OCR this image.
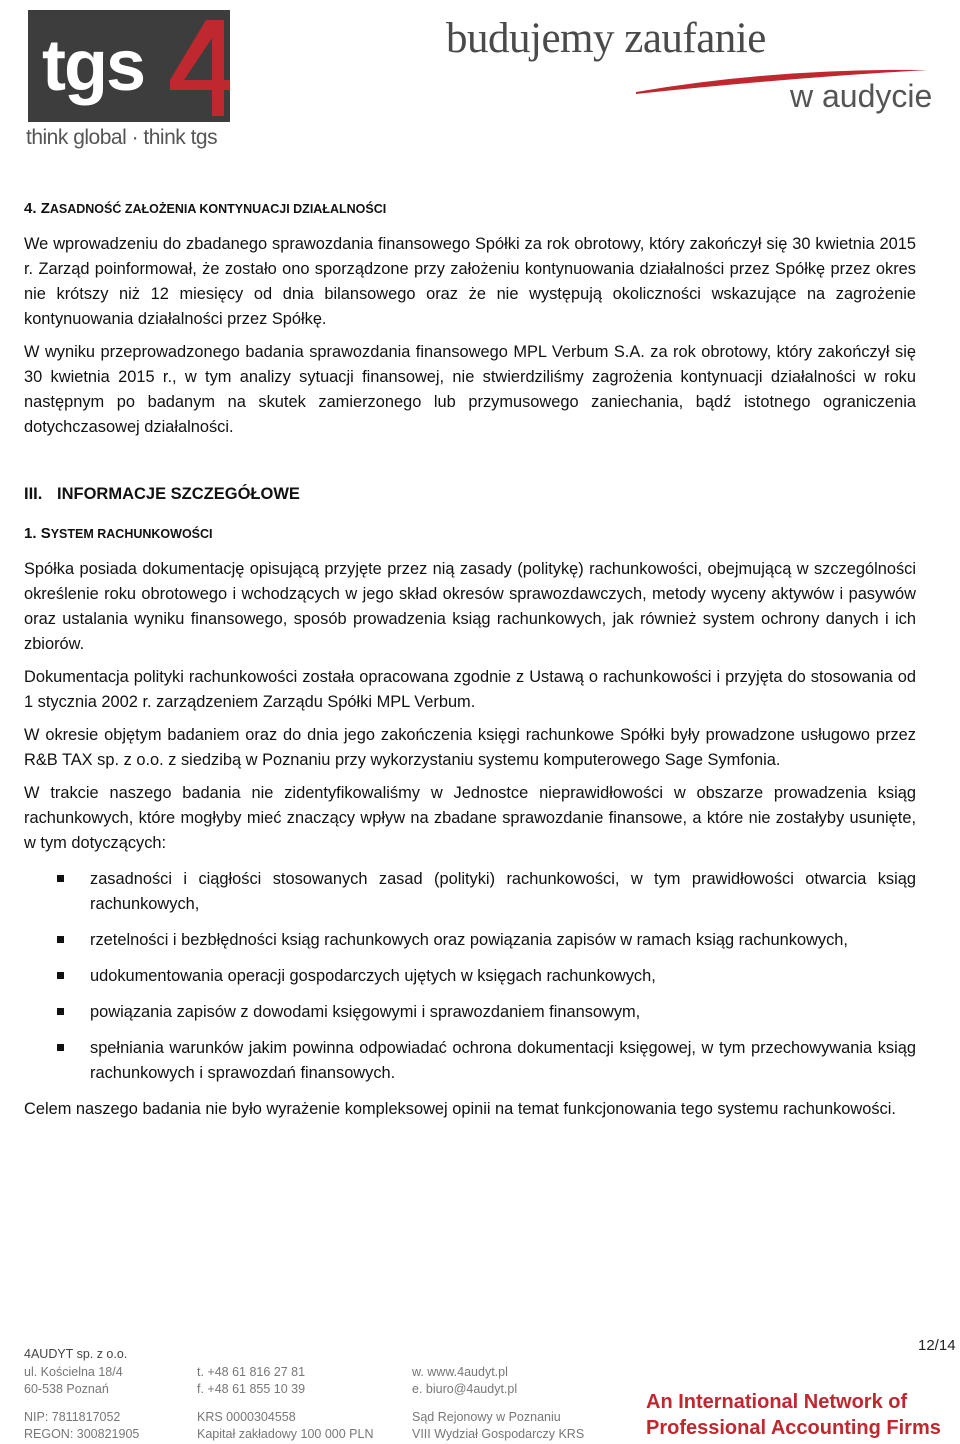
tgs
think global · think tgs
budujemy zaufanie
w audycie
4. ZASADNOŚĆ ZAŁOŻENIA KONTYNUACJI DZIAŁALNOŚCI

We wprowadzeniu do zbadanego sprawozdania finansowego Spółki za rok obrotowy, który zakończył się 30 kwietnia 2015 r. Zarząd poinformował, że zostało ono sporządzone przy założeniu kontynuowania działalności przez Spółkę przez okres nie krótszy niż 12 miesięcy od dnia bilansowego oraz że nie występują okoliczności wskazujące na zagrożenie kontynuowania działalności przez Spółkę.

W wyniku przeprowadzonego badania sprawozdania finansowego MPL Verbum S.A. za rok obrotowy, który zakończył się 30 kwietnia 2015 r., w tym analizy sytuacji finansowej, nie stwierdziliśmy zagrożenia kontynuacji działalności w roku następnym po badanym na skutek zamierzonego lub przymusowego zaniechania, bądź istotnego ograniczenia dotychczasowej działalności.

III. INFORMACJE SZCZEGÓŁOWE
1. SYSTEM RACHUNKOWOŚCI

Spółka posiada dokumentację opisującą przyjęte przez nią zasady (politykę) rachunkowości, obejmującą w szczególności określenie roku obrotowego i wchodzących w jego skład okresów sprawozdawczych, metody wyceny aktywów i pasywów oraz ustalania wyniku finansowego, sposób prowadzenia ksiąg rachunkowych, jak również system ochrony danych i ich zbiorów.

Dokumentacja polityki rachunkowości została opracowana zgodnie z Ustawą o rachunkowości i przyjęta do stosowania od 1 stycznia 2002 r. zarządzeniem Zarządu Spółki MPL Verbum.

W okresie objętym badaniem oraz do dnia jego zakończenia księgi rachunkowe Spółki były prowadzone usługowo przez R&B TAX sp. z o.o. z siedzibą w Poznaniu przy wykorzystaniu systemu komputerowego Sage Symfonia.

W trakcie naszego badania nie zidentyfikowaliśmy w Jednostce nieprawidłowości w obszarze prowadzenia ksiąg rachunkowych, które mogłyby mieć znaczący wpływ na zbadane sprawozdanie finansowe, a które nie zostałyby usunięte, w tym dotyczących:

zasadności i ciągłości stosowanych zasad (polityki) rachunkowości, w tym prawidłowości otwarcia ksiąg rachunkowych,
rzetelności i bezbłędności ksiąg rachunkowych oraz powiązania zapisów w ramach ksiąg rachunkowych,
udokumentowania operacji gospodarczych ujętych w księgach rachunkowych,
powiązania zapisów z dowodami księgowymi i sprawozdaniem finansowym,
spełniania warunków jakim powinna odpowiadać ochrona dokumentacji księgowej, w tym przechowywania ksiąg rachunkowych i sprawozdań finansowych.

Celem naszego badania nie było wyrażenie kompleksowej opinii na temat funkcjonowania tego systemu rachunkowości.

4AUDYT sp. z o.o.
ul. Kościelna 18/4
60-538 Poznań
t. +48 61 816 27 81
f. +48 61 855 10 39
w. www.4audyt.pl
e. biuro@4audyt.pl
NIP: 7811817052
REGON: 300821905
KRS 0000304558
Kapitał zakładowy 100 000 PLN
Sąd Rejonowy w Poznaniu
VIII Wydział Gospodarczy KRS
12/14
An International Network of
Professional Accounting Firms
